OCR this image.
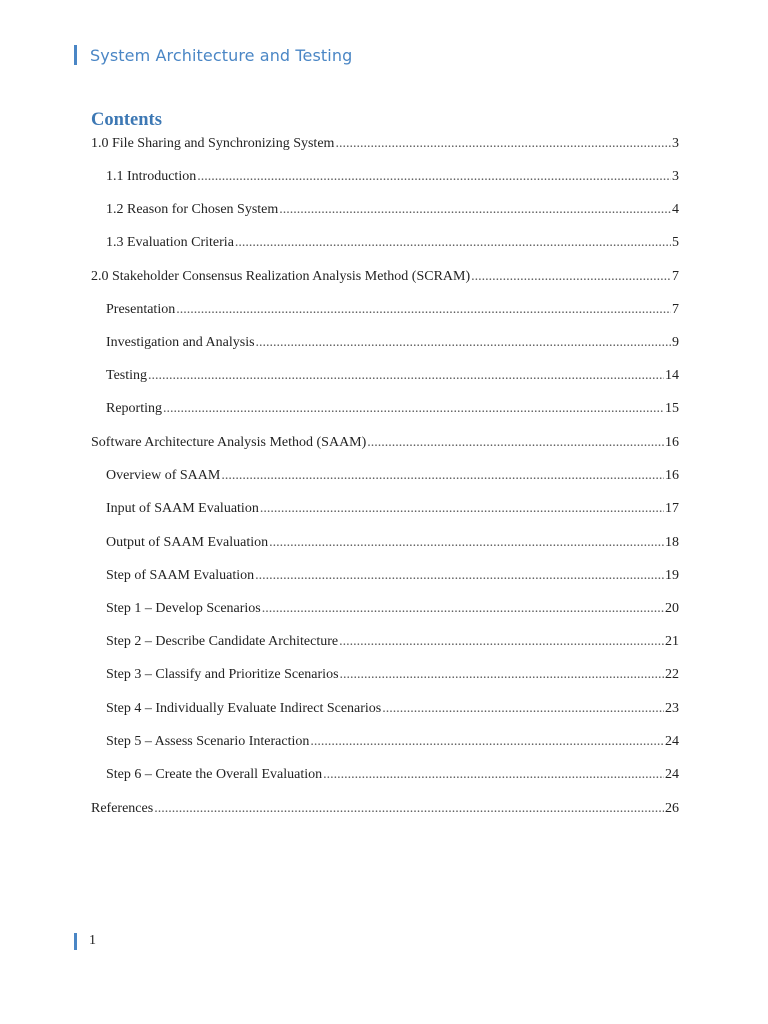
System Architecture and Testing
Contents
1.0 File Sharing and Synchronizing System .....	3
1.1 Introduction .....	3
1.2 Reason for Chosen System .....	4
1.3 Evaluation Criteria .....	5
2.0 Stakeholder Consensus Realization Analysis Method (SCRAM) .....	7
Presentation .....	7
Investigation and Analysis .....	9
Testing .....	14
Reporting .....	15
Software Architecture Analysis Method (SAAM) .....	16
Overview of SAAM .....	16
Input of SAAM Evaluation .....	17
Output of SAAM Evaluation .....	18
Step of SAAM Evaluation .....	19
Step 1 – Develop Scenarios .....	20
Step 2 – Describe Candidate Architecture .....	21
Step 3 – Classify and Prioritize Scenarios .....	22
Step 4 – Individually Evaluate Indirect Scenarios .....	23
Step 5 – Assess Scenario Interaction .....	24
Step 6 – Create the Overall Evaluation .....	24
References .....	26
1
